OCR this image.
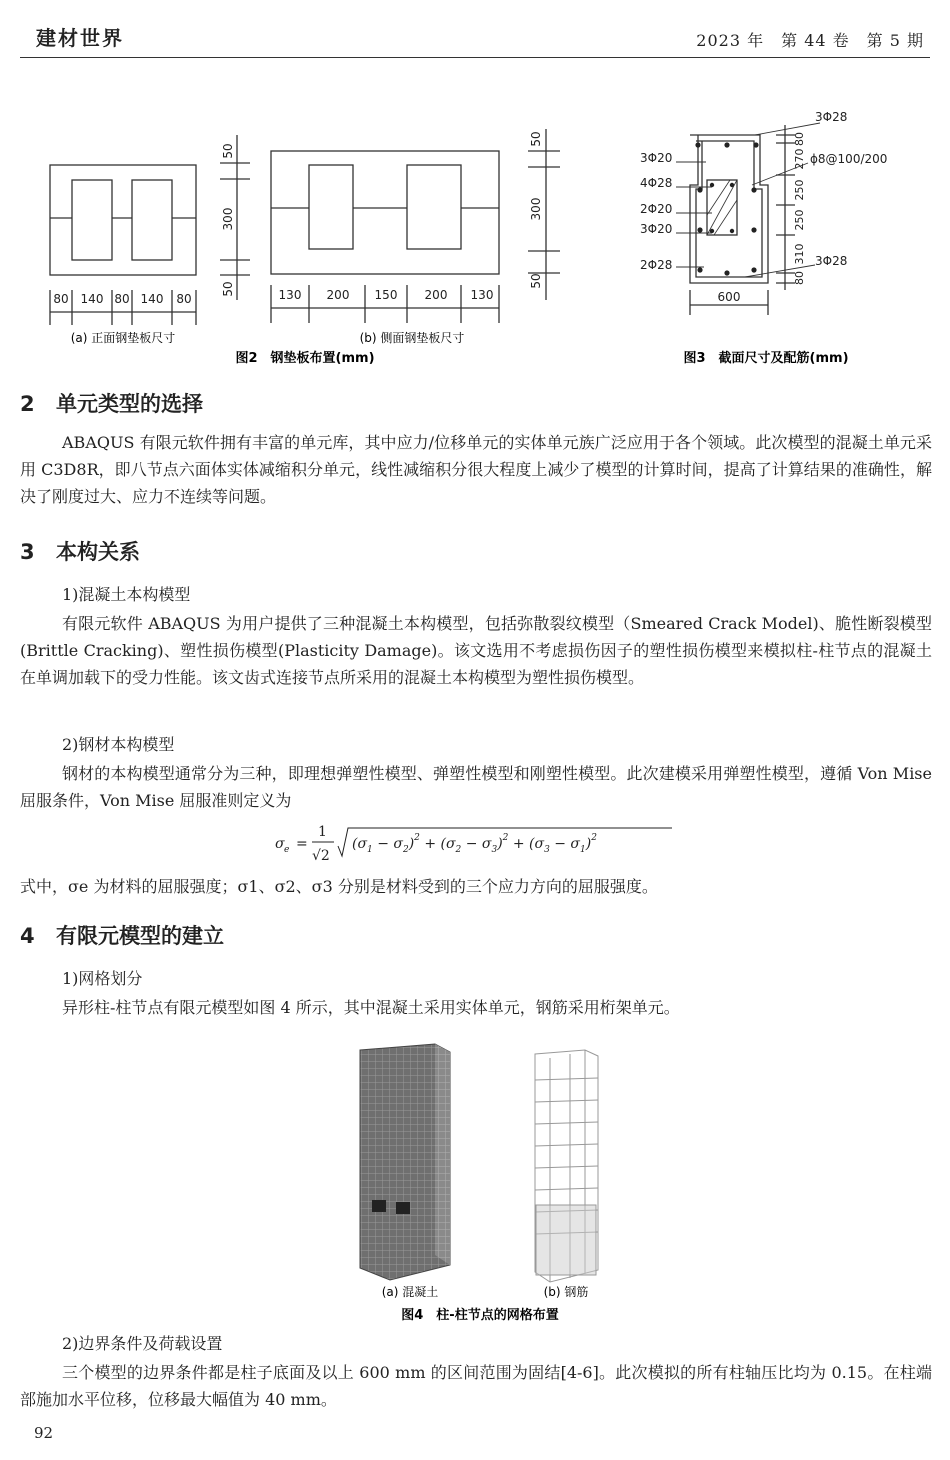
建材世界	2023 年　第 44 卷　第 5 期
80 140 80 140 80
50
300
50
(a) 正面钢垫板尺寸
130 200 150 200 130
50
300
50
(b) 侧面钢垫板尺寸
图2　钢垫板布置(mm)
3Φ20
4Φ28
2Φ20
3Φ20
2Φ28
3Φ28
ϕ8@100/200
3Φ28
600
80
270
250
250
310
80
图3　截面尺寸及配筋(mm)
2 单元类型的选择

ABAQUS 有限元软件拥有丰富的单元库，其中应力/位移单元的实体单元族广泛应用于各个领域。此次模型的混凝土单元采用 C3D8R，即八节点六面体实体减缩积分单元，线性减缩积分很大程度上减少了模型的计算时间，提高了计算结果的准确性，解决了刚度过大、应力不连续等问题。

3 本构关系
1)混凝土本构模型

有限元软件 ABAQUS 为用户提供了三种混凝土本构模型，包括弥散裂纹模型（Smeared Crack Model)、脆性断裂模型(Brittle Cracking)、塑性损伤模型(Plasticity Damage)。该文选用不考虑损伤因子的塑性损伤模型来模拟柱-柱节点的混凝土在单调加载下的受力性能。该文齿式连接节点所采用的混凝土本构模型为塑性损伤模型。

2)钢材本构模型

钢材的本构模型通常分为三种，即理想弹塑性模型、弹塑性模型和刚塑性模型。此次建模采用弹塑性模型，遵循 Von Mise 屈服条件，Von Mise 屈服准则定义为

σ e =
1
√2
$(\sigma_1 - \sigma_2)^2 + (\sigma_2 - \sigma_3)^2 + (\sigma_3 - \sigma_1)^2$

式中，σe 为材料的屈服强度；σ1、σ2、σ3 分别是材料受到的三个应力方向的屈服强度。

4 有限元模型的建立
1)网格划分

异形柱-柱节点有限元模型如图 4 所示，其中混凝土采用实体单元，钢筋采用桁架单元。

(a) 混凝土	(b) 钢筋
图4　柱-柱节点的网格布置
2)边界条件及荷载设置

三个模型的边界条件都是柱子底面及以上 600 mm 的区间范围为固结[4-6]。此次模拟的所有柱轴压比均为 0.15。在柱端部施加水平位移，位移最大幅值为 40 mm。

92
